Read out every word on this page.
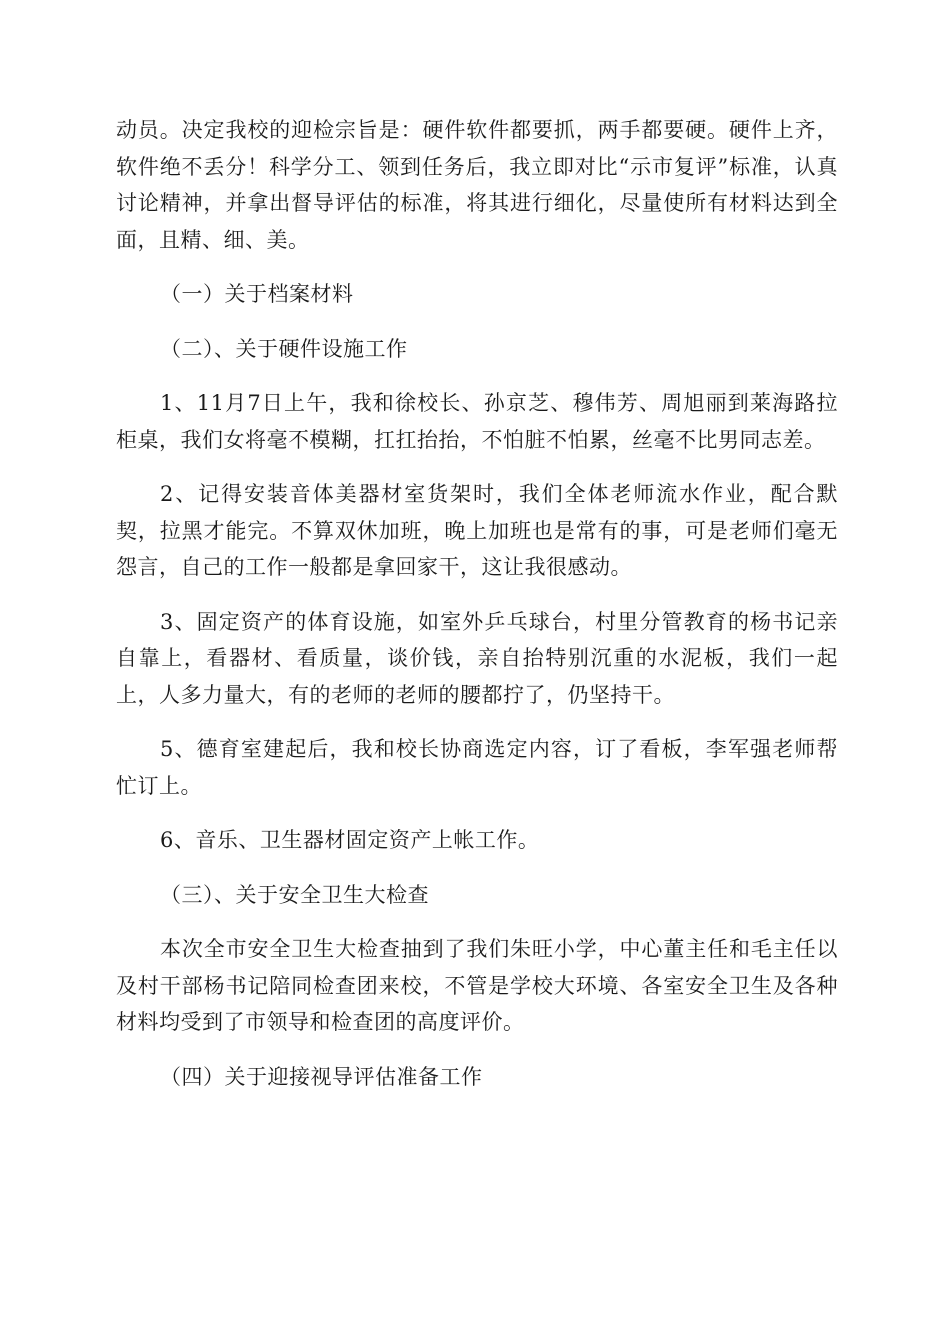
动员。决定我校的迎检宗旨是：硬件软件都要抓，两手都要硬。硬件上齐，软件绝不丢分！科学分工、领到任务后，我立即对比“示市复评”标准，认真讨论精神，并拿出督导评估的标准，将其进行细化，尽量使所有材料达到全面，且精、细、美。

（一）关于档案材料

（二）、关于硬件设施工作

1、11月7日上午，我和徐校长、孙京芝、穆伟芳、周旭丽到莱海路拉柜桌，我们女将毫不模糊，扛扛抬抬，不怕脏不怕累，丝毫不比男同志差。

2、记得安装音体美器材室货架时，我们全体老师流水作业，配合默契，拉黑才能完。不算双休加班，晚上加班也是常有的事，可是老师们毫无怨言，自己的工作一般都是拿回家干，这让我很感动。

3、固定资产的体育设施，如室外乒乓球台，村里分管教育的杨书记亲自靠上，看器材、看质量，谈价钱，亲自抬特别沉重的水泥板，我们一起上，人多力量大，有的老师的老师的腰都拧了，仍坚持干。

5、德育室建起后，我和校长协商选定内容，订了看板，李军强老师帮忙订上。

6、音乐、卫生器材固定资产上帐工作。

（三）、关于安全卫生大检查

本次全市安全卫生大检查抽到了我们朱旺小学，中心董主任和毛主任以及村干部杨书记陪同检查团来校，不管是学校大环境、各室安全卫生及各种材料均受到了市领导和检查团的高度评价。

（四）关于迎接视导评估准备工作
